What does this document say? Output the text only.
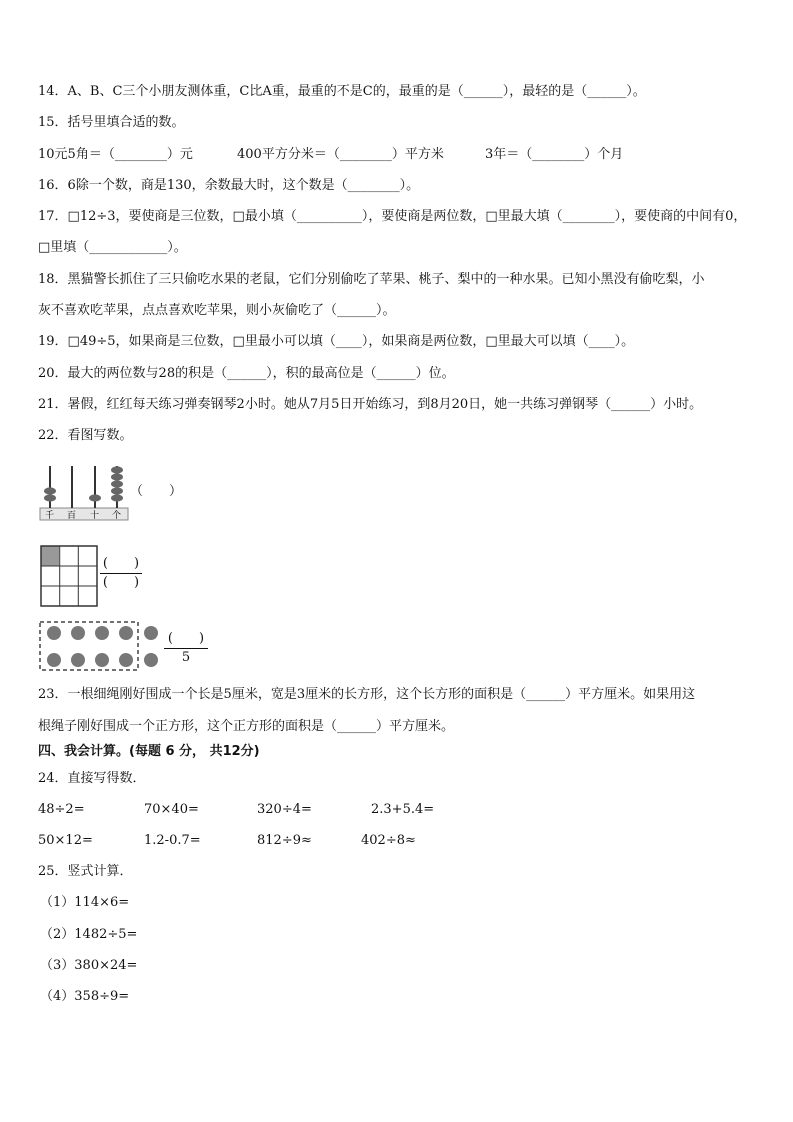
14．A、B、C三个小朋友测体重，C比A重，最重的不是C的，最重的是（______），最轻的是（______）。
15．括号里填合适的数。
10元5角＝（________）元	400平方分米＝（________）平方米	3年＝（________）个月
16．6除一个数，商是130，余数最大时，这个数是（________）。
17．□12÷3，要使商是三位数，□最小填（__________），要使商是两位数，□里最大填（________），要使商的中间有0，
□里填（____________）。
18．黑猫警长抓住了三只偷吃水果的老鼠，它们分别偷吃了苹果、桃子、梨中的一种水果。已知小黑没有偷吃梨，小
灰不喜欢吃苹果，点点喜欢吃苹果，则小灰偷吃了（______）。
19．□49÷5，如果商是三位数，□里最小可以填（____），如果商是两位数，□里最大可以填（____）。
20．最大的两位数与28的积是（______），积的最高位是（______）位。
21．暑假，红红每天练习弹奏钢琴2小时。她从7月5日开始练习，到8月20日，她一共练习弹钢琴（______）小时。
22．看图写数。
千 百 十 个
（　　）
(　　)
(　　)
(　　)
5
23．一根细绳刚好围成一个长是5厘米，宽是3厘米的长方形，这个长方形的面积是（______）平方厘米。如果用这
根绳子刚好围成一个正方形，这个正方形的面积是（______）平方厘米。
四、我会计算。(每题 6 分， 共12分)
24．直接写得数．
48÷2=	70×40=	320÷4=	2.3+5.4=
50×12=	1.2-0.7=	812÷9≈	402÷8≈
25．竖式计算．
（1）114×6=
（2）1482÷5=
（3）380×24=
（4）358÷9=
